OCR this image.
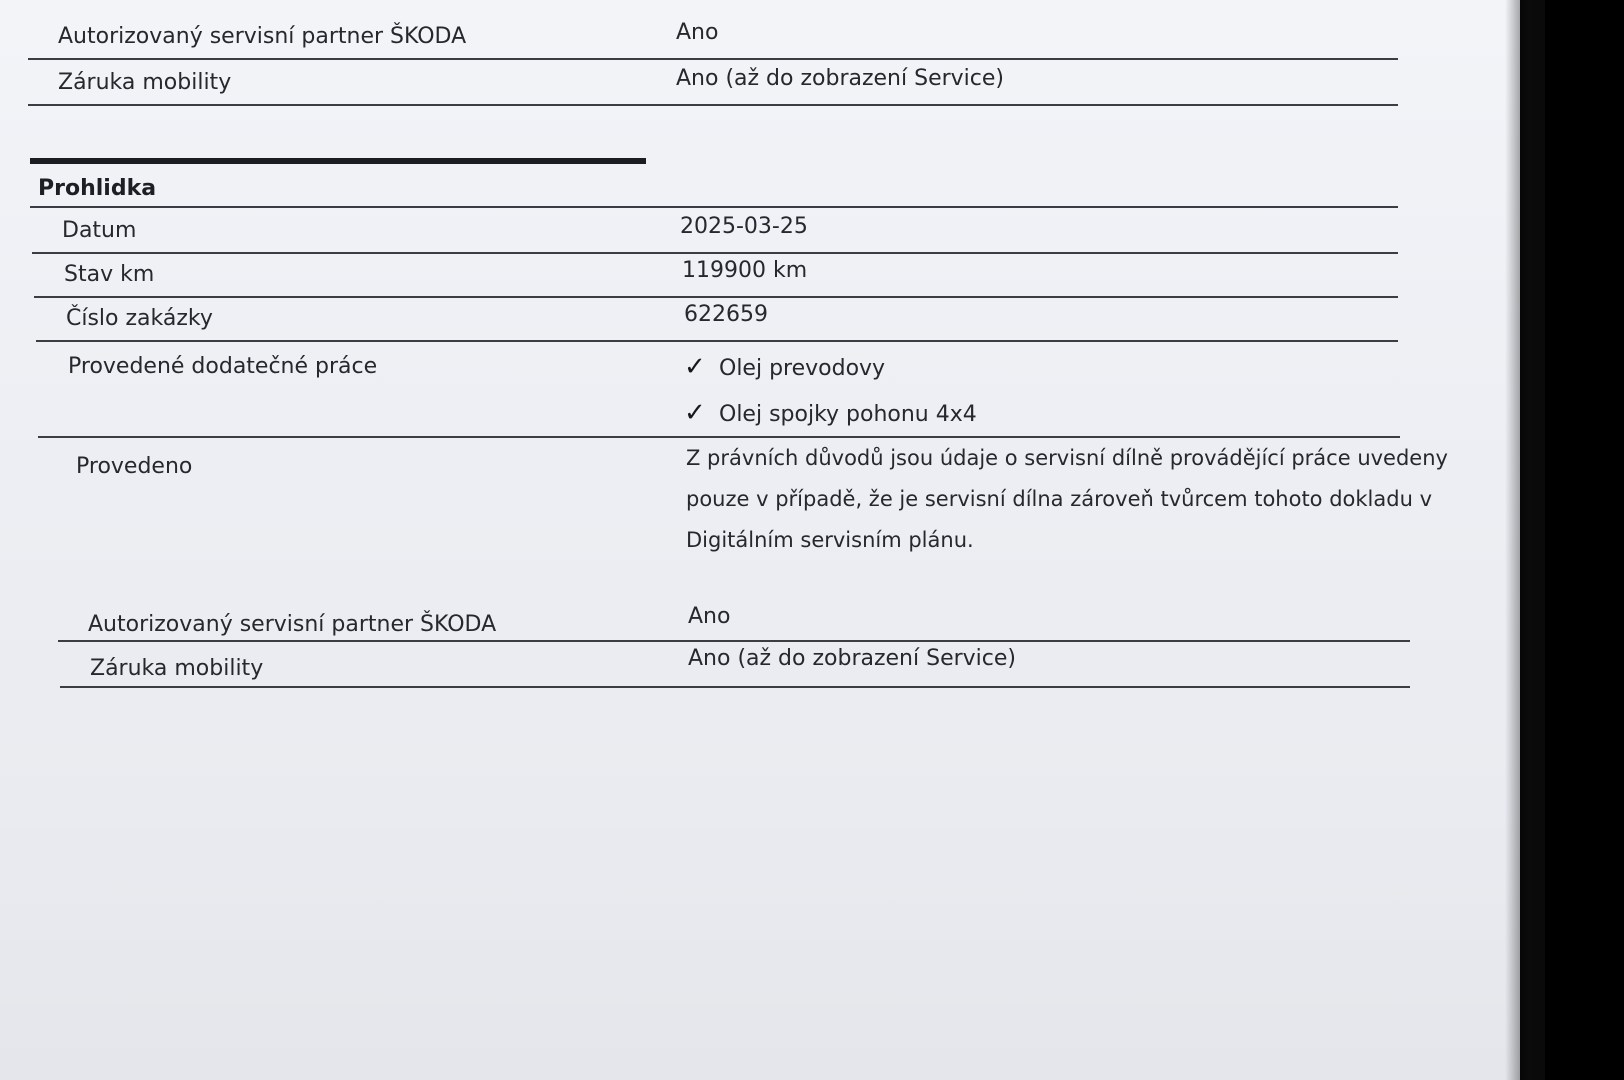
Autorizovaný servisní partner ŠKODA	Ano
Záruka mobility	Ano (až do zobrazení Service)
Prohlidka
Datum	2025-03-25
Stav km	119900 km
Číslo zakázky	622659
Provedené dodatečné práce	✓ Olej prevodovy
✓ Olej spojky pohonu 4x4
Provedeno	Z právních důvodů jsou údaje o servisní dílně provádějící práce uvedeny
pouze v případě, že je servisní dílna zároveň tvůrcem tohoto dokladu v
Digitálním servisním plánu.
Autorizovaný servisní partner ŠKODA	Ano
Záruka mobility	Ano (až do zobrazení Service)
